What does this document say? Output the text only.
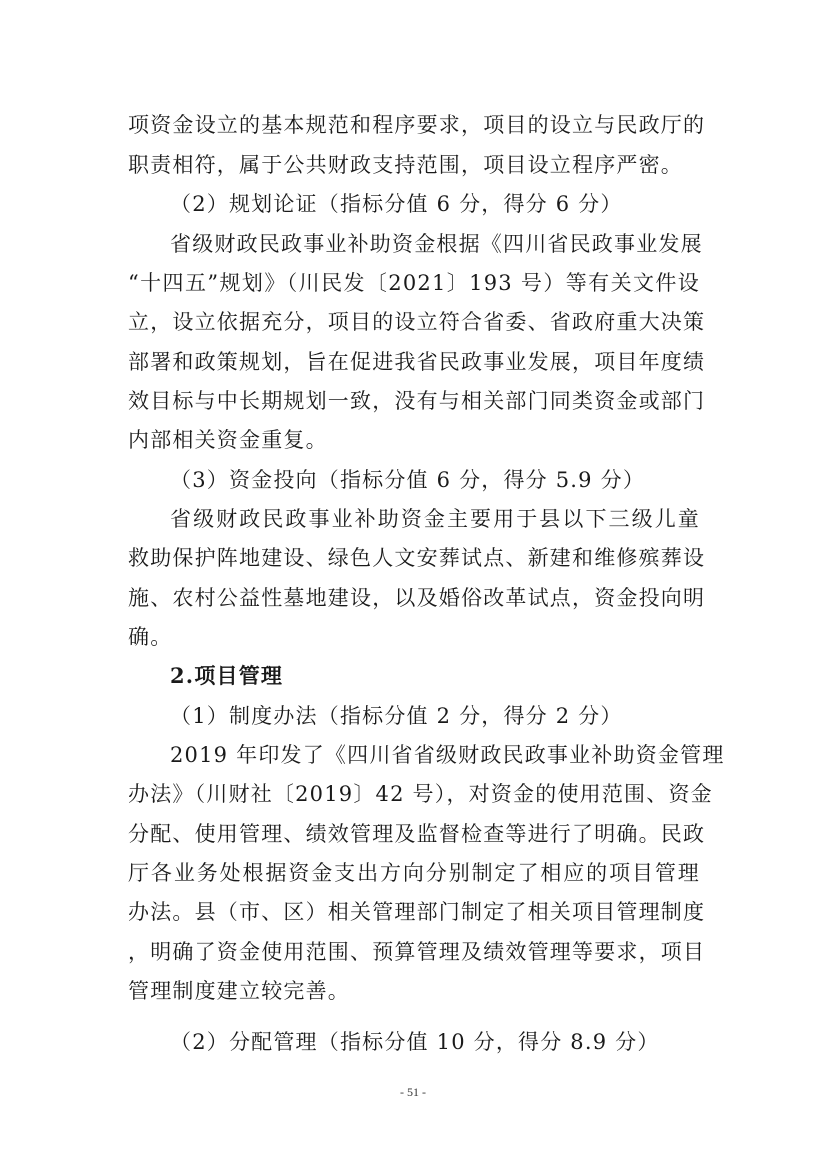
项资金设立的基本规范和程序要求，项目的设立与民政厅的
职责相符，属于公共财政支持范围，项目设立程序严密。
（2）规划论证（指标分值 6 分，得分 6 分）
省级财政民政事业补助资金根据《四川省民政事业发展
“十四五”规划》（川民发〔2021〕193 号）等有关文件设
立，设立依据充分，项目的设立符合省委、省政府重大决策
部署和政策规划，旨在促进我省民政事业发展，项目年度绩
效目标与中长期规划一致，没有与相关部门同类资金或部门
内部相关资金重复。
（3）资金投向（指标分值 6 分，得分 5.9 分）
省级财政民政事业补助资金主要用于县以下三级儿童
救助保护阵地建设、绿色人文安葬试点、新建和维修殡葬设
施、农村公益性墓地建设，以及婚俗改革试点，资金投向明
确。
2.项目管理
（1）制度办法（指标分值 2 分，得分 2 分）
2019 年印发了《四川省省级财政民政事业补助资金管理
办法》（川财社〔2019〕42 号），对资金的使用范围、资金
分配、使用管理、绩效管理及监督检查等进行了明确。民政
厅各业务处根据资金支出方向分别制定了相应的项目管理
办法。县（市、区）相关管理部门制定了相关项目管理制度
，明确了资金使用范围、预算管理及绩效管理等要求，项目
管理制度建立较完善。
（2）分配管理（指标分值 10 分，得分 8.9 分）
- 51 -
